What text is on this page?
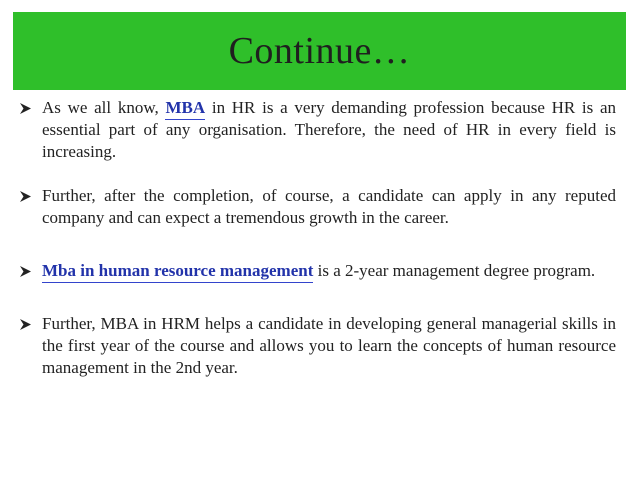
Continue…
As we all know, MBA in HR is a very demanding profession because HR is an essential part of any organisation. Therefore, the need of HR in every field is increasing.
Further, after the completion, of course, a candidate can apply in any reputed company and can expect a tremendous growth in the career.
Mba in human resource management is a 2-year management degree program.
Further, MBA in HRM helps a candidate in developing general managerial skills in the first year of the course and allows you to learn the concepts of human resource management in the 2nd year.
